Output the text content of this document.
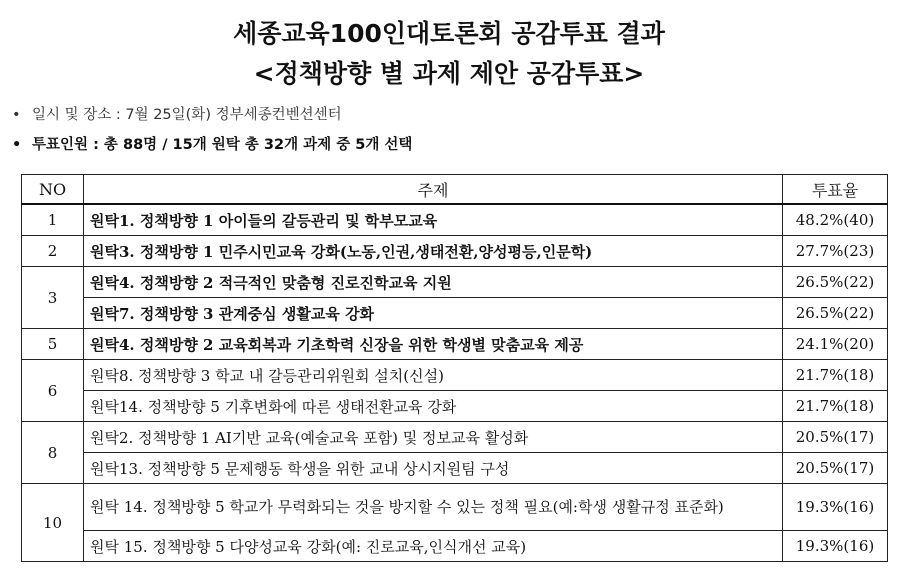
세종교육100인대토론회 공감투표 결과
<정책방향 별 과제 제안 공감투표>
• 일시 및 장소 : 7월 25일(화) 정부세종컨벤션센터
• 투표인원 : 총 88명 / 15개 원탁 총 32개 과제 중 5개 선택
NO	주제	투표율
1	원탁1. 정책방향 1 아이들의 갈등관리 및 학부모교육	48.2%(40)
2	원탁3. 정책방향 1 민주시민교육 강화(노동,인권,생태전환,양성평등,인문학)	27.7%(23)
3	원탁4. 정책방향 2 적극적인 맞춤형 진로진학교육 지원	26.5%(22)
	원탁7. 정책방향 3 관계중심 생활교육 강화	26.5%(22)
5	원탁4. 정책방향 2 교육회복과 기초학력 신장을 위한 학생별 맞춤교육 제공	24.1%(20)
6	원탁8. 정책방향 3 학교 내 갈등관리위원회 설치(신설)	21.7%(18)
	원탁14. 정책방향 5 기후변화에 따른 생태전환교육 강화	21.7%(18)
8	원탁2. 정책방향 1 AI기반 교육(예술교육 포함) 및 정보교육 활성화	20.5%(17)
	원탁13. 정책방향 5 문제행동 학생을 위한 교내 상시지원팀 구성	20.5%(17)
10	원탁 14. 정책방향 5 학교가 무력화되는 것을 방지할 수 있는 정책 필요(예:학생 생활규정 표준화)	19.3%(16)
	원탁 15. 정책방향 5 다양성교육 강화(예: 진로교육,인식개선 교육)	19.3%(16)
